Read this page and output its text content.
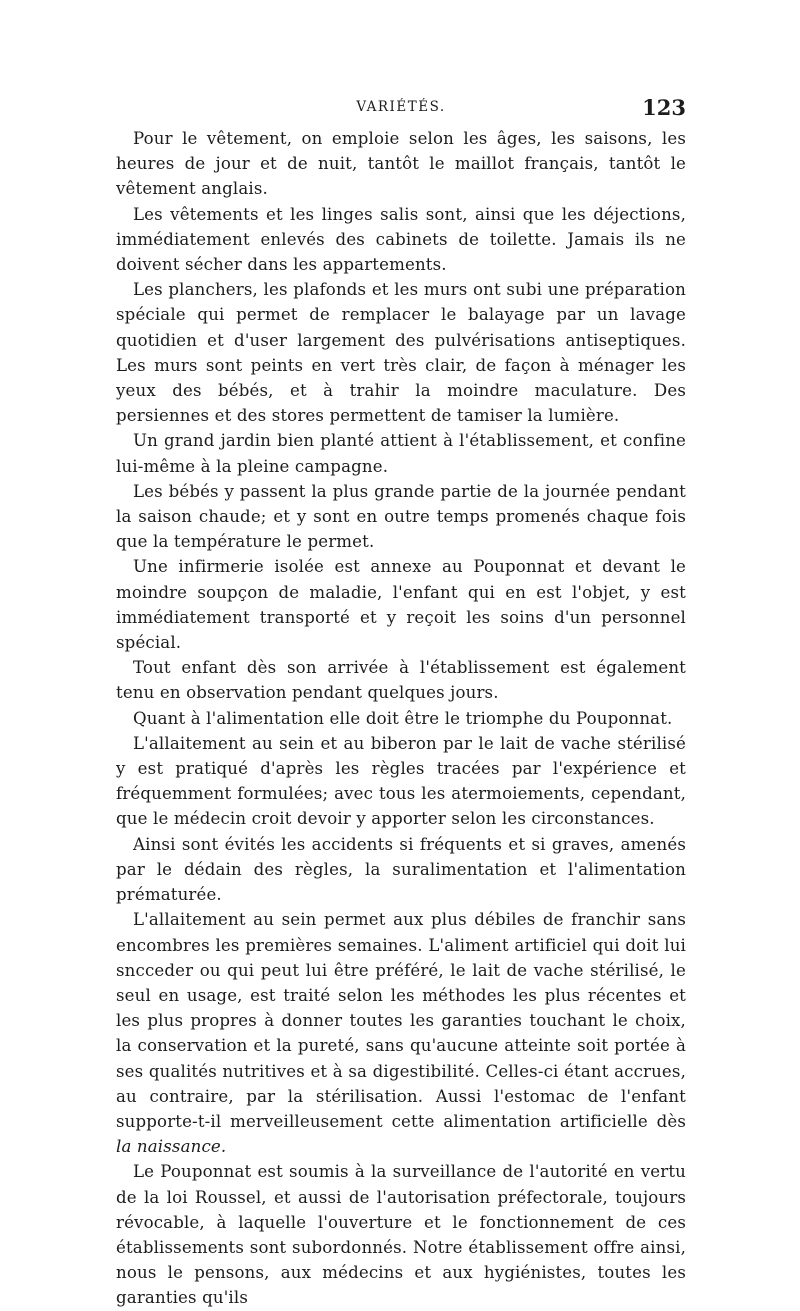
VARIÉTÉS.	123

Pour le vêtement, on emploie selon les âges, les saisons, les heures de jour et de nuit, tantôt le maillot français, tantôt le vêtement anglais.

Les vêtements et les linges salis sont, ainsi que les déjections, immédiatement enlevés des cabinets de toilette. Jamais ils ne doivent sécher dans les appartements.

Les planchers, les plafonds et les murs ont subi une préparation spéciale qui permet de remplacer le balayage par un lavage quotidien et d'user largement des pulvérisations antiseptiques. Les murs sont peints en vert très clair, de façon à ménager les yeux des bébés, et à trahir la moindre maculature. Des persiennes et des stores permettent de tamiser la lumière.

Un grand jardin bien planté attient à l'établissement, et confine lui-même à la pleine campagne.

Les bébés y passent la plus grande partie de la journée pendant la saison chaude; et y sont en outre temps promenés chaque fois que la température le permet.

Une infirmerie isolée est annexe au Pouponnat et devant le moindre soupçon de maladie, l'enfant qui en est l'objet, y est immédiatement transporté et y reçoit les soins d'un personnel spécial.

Tout enfant dès son arrivée à l'établissement est également tenu en observation pendant quelques jours.

Quant à l'alimentation elle doit être le triomphe du Pouponnat.

L'allaitement au sein et au biberon par le lait de vache stérilisé y est pratiqué d'après les règles tracées par l'expérience et fréquemment formulées; avec tous les atermoiements, cependant, que le médecin croit devoir y apporter selon les circonstances.

Ainsi sont évités les accidents si fréquents et si graves, amenés par le dédain des règles, la suralimentation et l'alimentation prématurée.

L'allaitement au sein permet aux plus débiles de franchir sans encombres les premières semaines. L'aliment artificiel qui doit lui sncceder ou qui peut lui être préféré, le lait de vache stérilisé, le seul en usage, est traité selon les méthodes les plus récentes et les plus propres à donner toutes les garanties touchant le choix, la conservation et la pureté, sans qu'aucune atteinte soit portée à ses qualités nutritives et à sa digestibilité. Celles-ci étant accrues, au contraire, par la stérilisation. Aussi l'estomac de l'enfant supporte-t-il merveilleusement cette alimentation artificielle dès la naissance.

Le Pouponnat est soumis à la surveillance de l'autorité en vertu de la loi Roussel, et aussi de l'autorisation préfectorale, toujours révocable, à laquelle l'ouverture et le fonctionnement de ces établissements sont subordonnés. Notre établissement offre ainsi, nous le pensons, aux médecins et aux hygiénistes, toutes les garanties qu'ils
